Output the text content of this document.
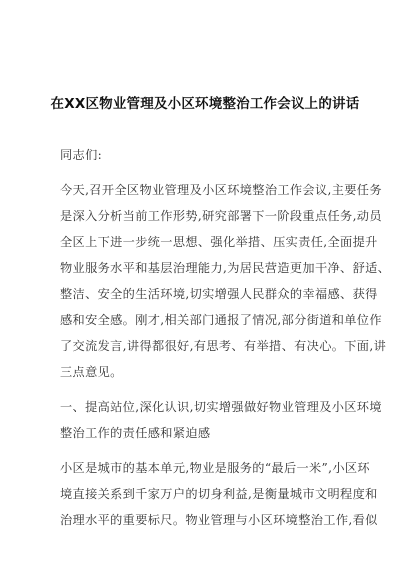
在XX区物业管理及小区环境整治工作会议上的讲话
同志们:
今天,召开全区物业管理及小区环境整治工作会议,主要任务
是深入分析当前工作形势,研究部署下一阶段重点任务,动员
全区上下进一步统一思想、强化举措、压实责任,全面提升
物业服务水平和基层治理能力,为居民营造更加干净、舒适、
整洁、安全的生活环境,切实增强人民群众的幸福感、获得
感和安全感。刚才,相关部门通报了情况,部分街道和单位作
了交流发言,讲得都很好,有思考、有举措、有决心。下面,讲
三点意见。
一、提高站位,深化认识,切实增强做好物业管理及小区环境
整治工作的责任感和紧迫感
小区是城市的基本单元,物业是服务的“最后一米”,小区环
境直接关系到千家万户的切身利益,是衡量城市文明程度和
治理水平的重要标尺。物业管理与小区环境整治工作,看似
